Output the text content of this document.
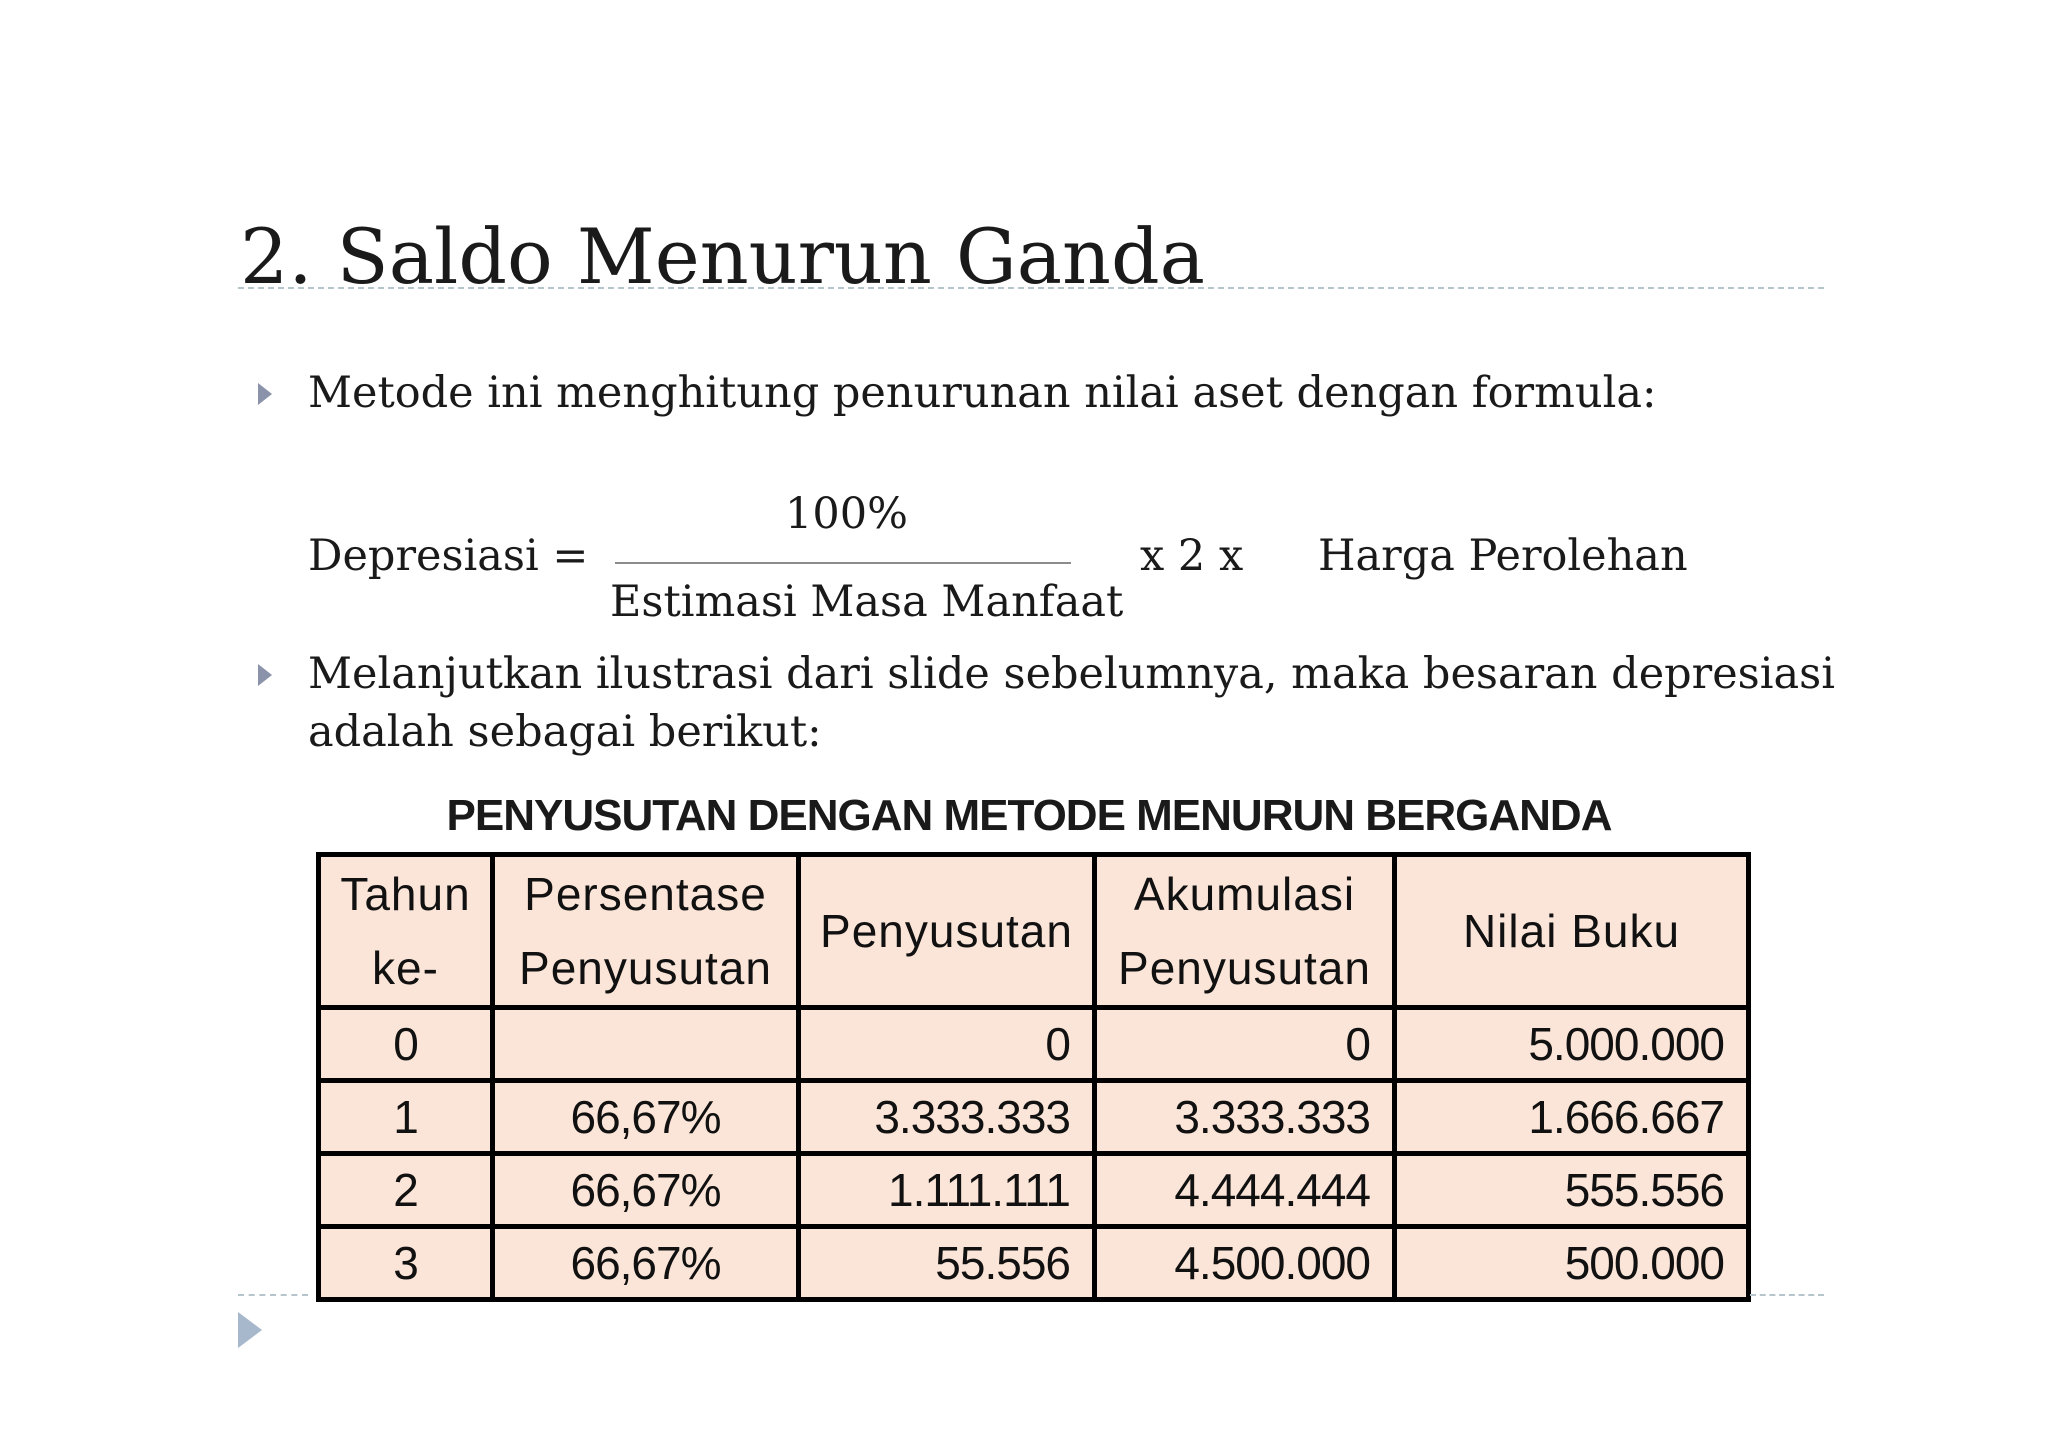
2. Saldo Menurun Ganda
Metode ini menghitung penurunan nilai aset dengan formula:
Depresiasi =
100%
Estimasi Masa Manfaat
x 2 x Harga Perolehan
Melanjutkan ilustrasi dari slide sebelumnya, maka besaran depresiasi
adalah sebagai berikut:
PENYUSUTAN DENGAN METODE MENURUN BERGANDA
Tahun ke-	Persentase Penyusutan	Penyusutan	Akumulasi Penyusutan	Nilai Buku
0		0	0	5.000.000
1	66,67%	3.333.333	3.333.333	1.666.667
2	66,67%	1.111.111	4.444.444	555.556
3	66,67%	55.556	4.500.000	500.000
